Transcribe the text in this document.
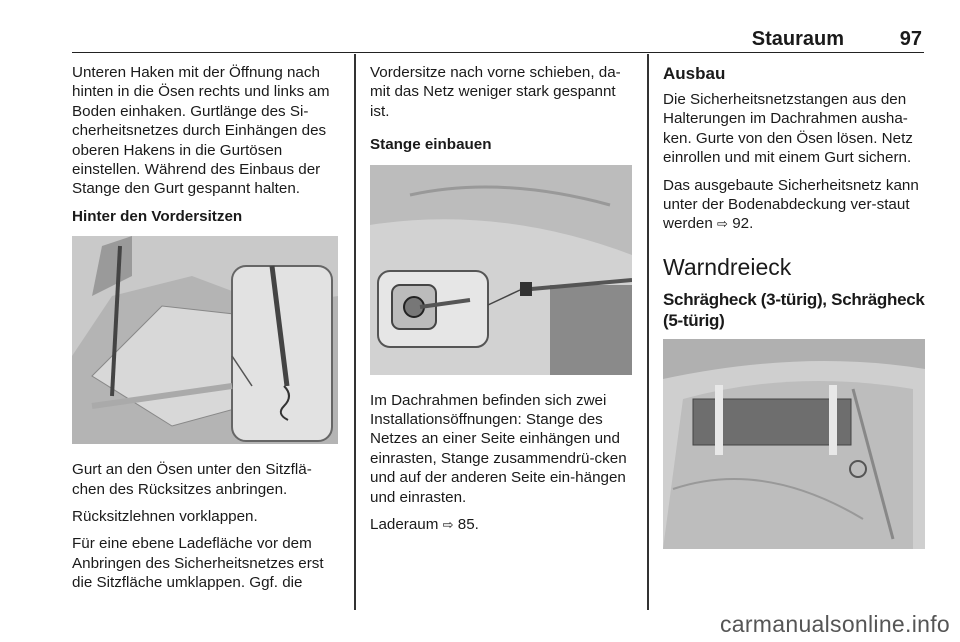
Stauraum	97

Unteren Haken mit der Öffnung nach hinten in die Ösen rechts und links am Boden einhaken. Gurtlänge des Si-cherheitsnetzes durch Einhängen des oberen Hakens in die Gurtösen einstellen. Während des Einbaus der Stange den Gurt gespannt halten.

Hinter den Vordersitzen

Gurt an den Ösen unter den Sitzflä-chen des Rücksitzes anbringen.

Rücksitzlehnen vorklappen.

Für eine ebene Ladefläche vor dem Anbringen des Sicherheitsnetzes erst die Sitzfläche umklappen. Ggf. die

Vordersitze nach vorne schieben, da-mit das Netz weniger stark gespannt ist.

Stange einbauen

Im Dachrahmen befinden sich zwei Installationsöffnungen: Stange des Netzes an einer Seite einhängen und einrasten, Stange zusammendrü-cken und auf der anderen Seite ein-hängen und einrasten.

Laderaum ⇨ 85.

Ausbau

Die Sicherheitsnetzstangen aus den Halterungen im Dachrahmen ausha-ken. Gurte von den Ösen lösen. Netz einrollen und mit einem Gurt sichern.

Das ausgebaute Sicherheitsnetz kann unter der Bodenabdeckung ver-staut werden ⇨ 92.

Warndreieck
Schrägheck (3-türig), Schrägheck (5-türig)
carmanualsonline.info
